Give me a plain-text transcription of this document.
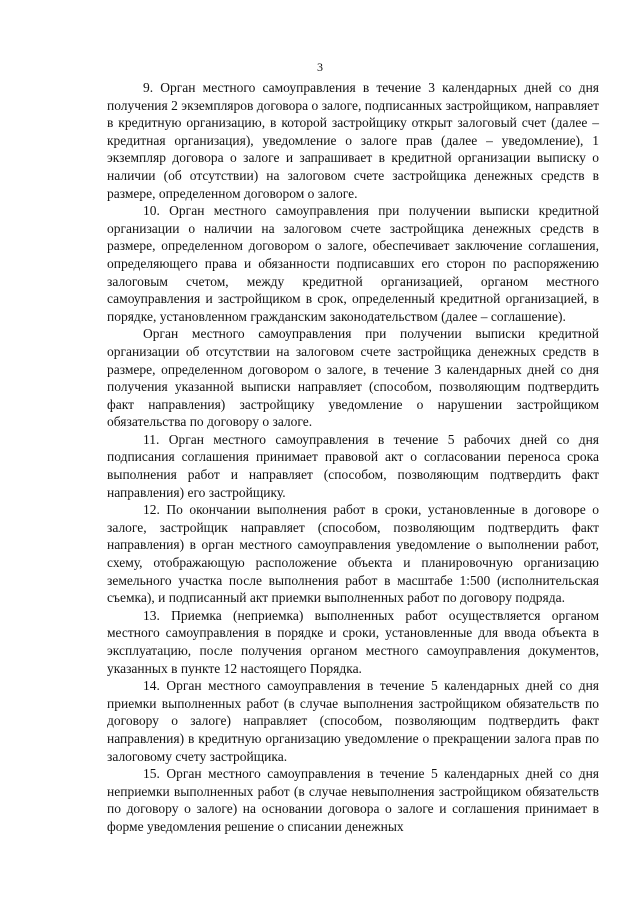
3

9. Орган местного самоуправления в течение 3 календарных дней со дня получения 2 экземпляров договора о залоге, подписанных застройщиком, направляет в кредитную организацию, в которой застройщику открыт залоговый счет (далее – кредитная организация), уведомление о залоге прав (далее – уведомление), 1 экземпляр договора о залоге и запрашивает в кредитной организации выписку о наличии (об отсутствии) на залоговом счете застройщика денежных средств в размере, определенном договором о залоге.

10. Орган местного самоуправления при получении выписки кредитной организации о наличии на залоговом счете застройщика денежных средств в размере, определенном договором о залоге, обеспечивает заключение соглашения, определяющего права и обязанности подписавших его сторон по распоряжению залоговым счетом, между кредитной организацией, органом местного самоуправления и застройщиком в срок, определенный кредитной организацией, в порядке, установленном гражданским законодательством (далее – соглашение).

Орган местного самоуправления при получении выписки кредитной организации об отсутствии на залоговом счете застройщика денежных средств в размере, определенном договором о залоге, в течение 3 календарных дней со дня получения указанной выписки направляет (способом, позволяющим подтвердить факт направления) застройщику уведомление о нарушении застройщиком обязательства по договору о залоге.

11. Орган местного самоуправления в течение 5 рабочих дней со дня подписания соглашения принимает правовой акт о согласовании переноса срока выполнения работ и направляет (способом, позволяющим подтвердить факт направления) его застройщику.

12. По окончании выполнения работ в сроки, установленные в договоре о залоге, застройщик направляет (способом, позволяющим подтвердить факт направления) в орган местного самоуправления уведомление о выполнении работ, схему, отображающую расположение объекта и планировочную организацию земельного участка после выполнения работ в масштабе 1:500 (исполнительская съемка), и подписанный акт приемки выполненных работ по договору подряда.

13. Приемка (неприемка) выполненных работ осуществляется органом местного самоуправления в порядке и сроки, установленные для ввода объекта в эксплуатацию, после получения органом местного самоуправления документов, указанных в пункте 12 настоящего Порядка.

14. Орган местного самоуправления в течение 5 календарных дней со дня приемки выполненных работ (в случае выполнения застройщиком обязательств по договору о залоге) направляет (способом, позволяющим подтвердить факт направления) в кредитную организацию уведомление о прекращении залога прав по залоговому счету застройщика.

15. Орган местного самоуправления в течение 5 календарных дней со дня неприемки выполненных работ (в случае невыполнения застройщиком обязательств по договору о залоге) на основании договора о залоге и соглашения принимает в форме уведомления решение о списании денежных
